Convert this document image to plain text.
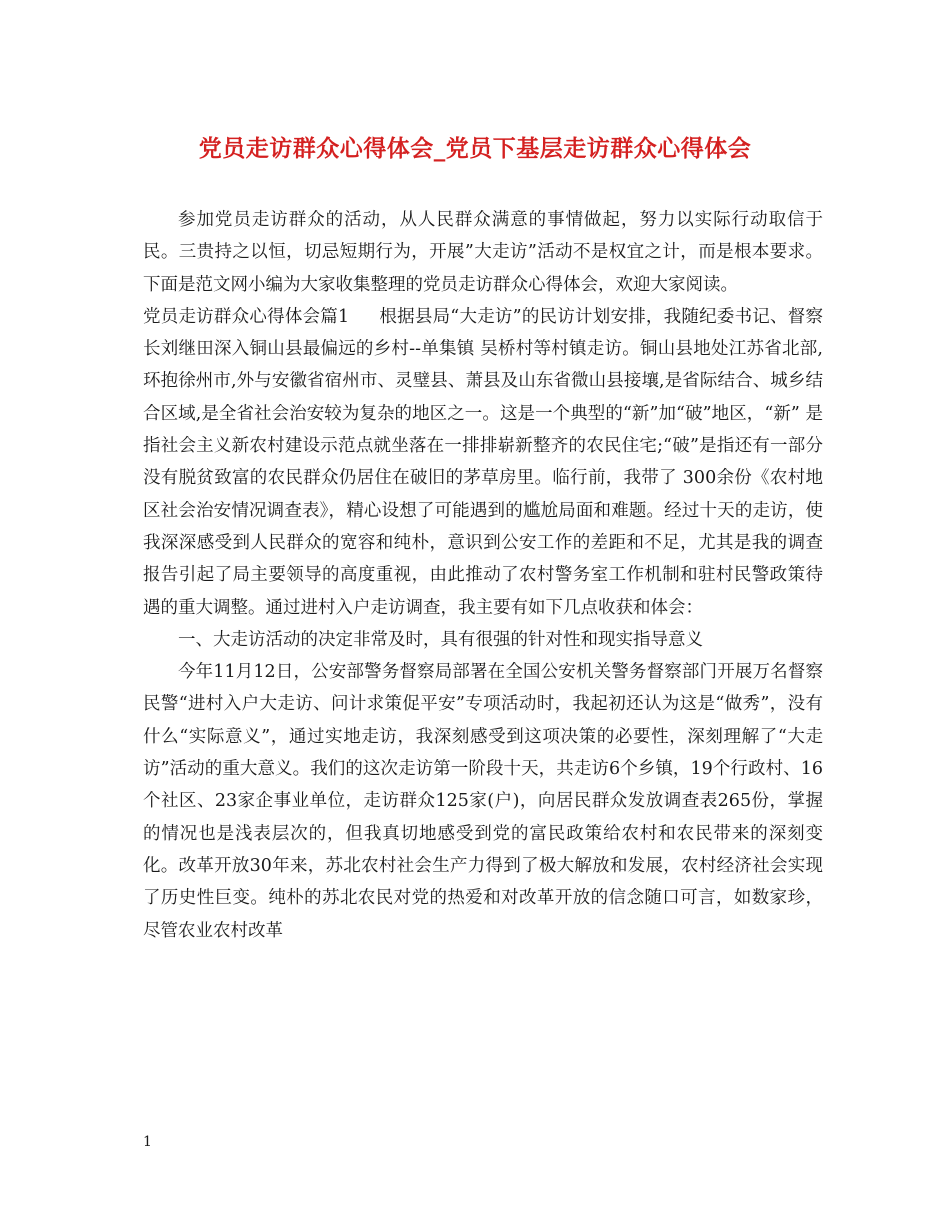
党员走访群众心得体会_党员下基层走访群众心得体会

参加党员走访群众的活动，从人民群众满意的事情做起，努力以实际行动取信于民。三贵持之以恒，切忌短期行为，开展”大走访”活动不是权宜之计，而是根本要求。下面是范文网小编为大家收集整理的党员走访群众心得体会，欢迎大家阅读。

党员走访群众心得体会篇1 根据县局“大走访”的民访计划安排，我随纪委书记、督察长刘继田深入铜山县最偏远的乡村--单集镇 吴桥村等村镇走访。铜山县地处江苏省北部,环抱徐州市,外与安徽省宿州市、灵璧县、萧县及山东省微山县接壤,是省际结合、城乡结合区域,是全省社会治安较为复杂的地区之一。这是一个典型的“新”加“破”地区，“新” 是指社会主义新农村建设示范点就坐落在一排排崭新整齐的农民住宅;“破”是指还有一部分没有脱贫致富的农民群众仍居住在破旧的茅草房里。临行前，我带了 300余份《农村地区社会治安情况调查表》，精心设想了可能遇到的尴尬局面和难题。经过十天的走访，使我深深感受到人民群众的宽容和纯朴，意识到公安工作的差距和不足，尤其是我的调查报告引起了局主要领导的高度重视，由此推动了农村警务室工作机制和驻村民警政策待遇的重大调整。通过进村入户走访调查，我主要有如下几点收获和体会：

一、大走访活动的决定非常及时，具有很强的针对性和现实指导意义

今年11月12日，公安部警务督察局部署在全国公安机关警务督察部门开展万名督察民警“进村入户大走访、问计求策促平安”专项活动时，我起初还认为这是“做秀”，没有什么“实际意义”，通过实地走访，我深刻感受到这项决策的必要性，深刻理解了“大走访”活动的重大意义。我们的这次走访第一阶段十天，共走访6个乡镇，19个行政村、16个社区、23家企事业单位，走访群众125家(户)，向居民群众发放调查表265份，掌握的情况也是浅表层次的，但我真切地感受到党的富民政策给农村和农民带来的深刻变化。改革开放30年来，苏北农村社会生产力得到了极大解放和发展，农村经济社会实现了历史性巨变。纯朴的苏北农民对党的热爱和对改革开放的信念随口可言，如数家珍，尽管农业农村改革

1
